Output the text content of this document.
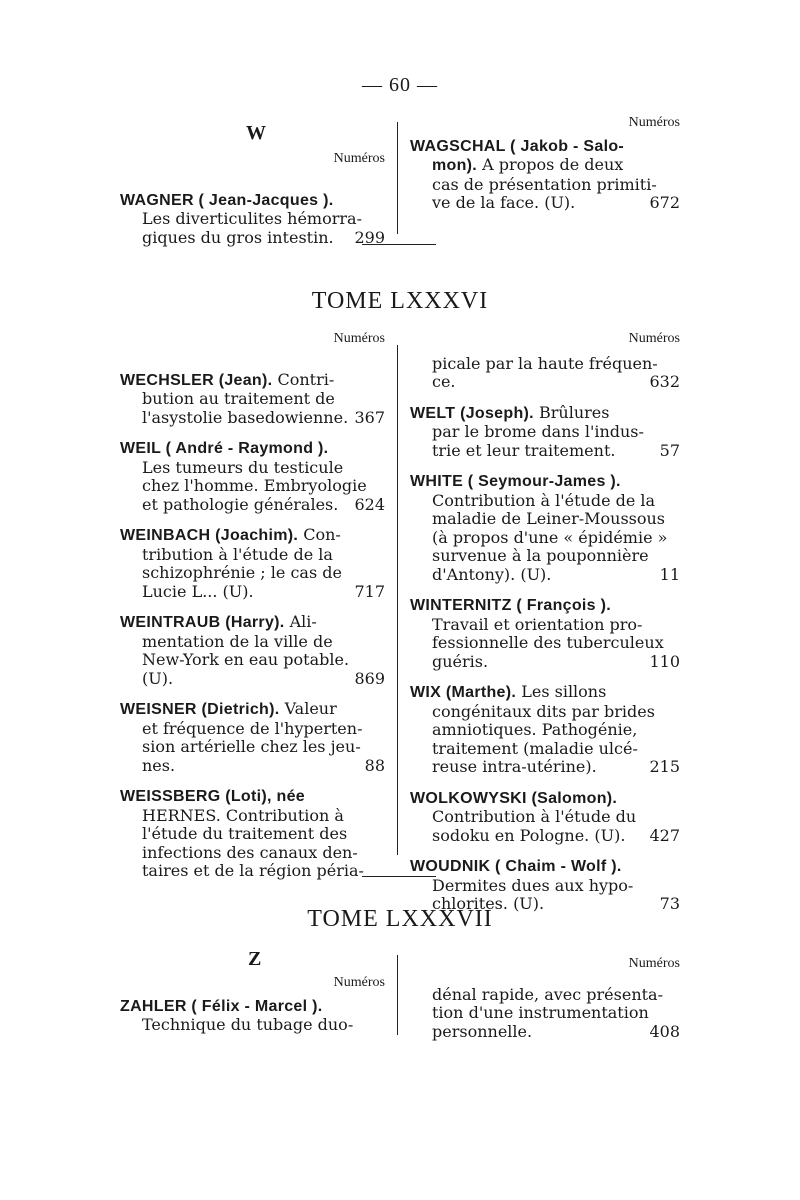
— 60 —
W
Numéros
WAGNER ( Jean-Jacques ).
Les diverticulites hémorra-
giques du gros intestin. 299
Numéros
WAGSCHAL ( Jakob - Salo-
mon). A propos de deux
cas de présentation primiti-
ve de la face. (U).	672
TOME LXXXVI
Numéros
WECHSLER (Jean). Contri-
bution au traitement de
l'asystolie basedowienne. 367
WEIL ( André - Raymond ).
Les tumeurs du testicule
chez l'homme. Embryologie
et pathologie générales. 624
WEINBACH (Joachim). Con-
tribution à l'étude de la
schizophrénie ; le cas de
Lucie L... (U).	717
WEINTRAUB (Harry). Ali-
mentation de la ville de
New-York en eau potable.
(U).	869
WEISNER (Dietrich). Valeur
et fréquence de l'hyperten-
sion artérielle chez les jeu-
nes.	88
WEISSBERG (Loti), née
HERNES. Contribution à
l'étude du traitement des
infections des canaux den-
taires et de la région péria-
Numéros
picale par la haute fréquen-
ce.	632
WELT (Joseph). Brûlures
par le brome dans l'indus-
trie et leur traitement.	57
WHITE ( Seymour-James ).
Contribution à l'étude de la
maladie de Leiner-Moussous
(à propos d'une « épidémie »
survenue à la pouponnière
d'Antony). (U).	11
WINTERNITZ ( François ).
Travail et orientation pro-
fessionnelle des tuberculeux
guéris.	110
WIX (Marthe). Les sillons
congénitaux dits par brides
amniotiques. Pathogénie,
traitement (maladie ulcé-
reuse intra-utérine).	215
WOLKOWYSKI (Salomon).
Contribution à l'étude du
sodoku en Pologne. (U). 427
WOUDNIK ( Chaim - Wolf ).
Dermites dues aux hypo-
chlorites. (U).	73
TOME LXXXVII
Z
Numéros
ZAHLER ( Félix - Marcel ).
Technique du tubage duo-
Numéros
dénal rapide, avec présenta-
tion d'une instrumentation
personnelle.	408
